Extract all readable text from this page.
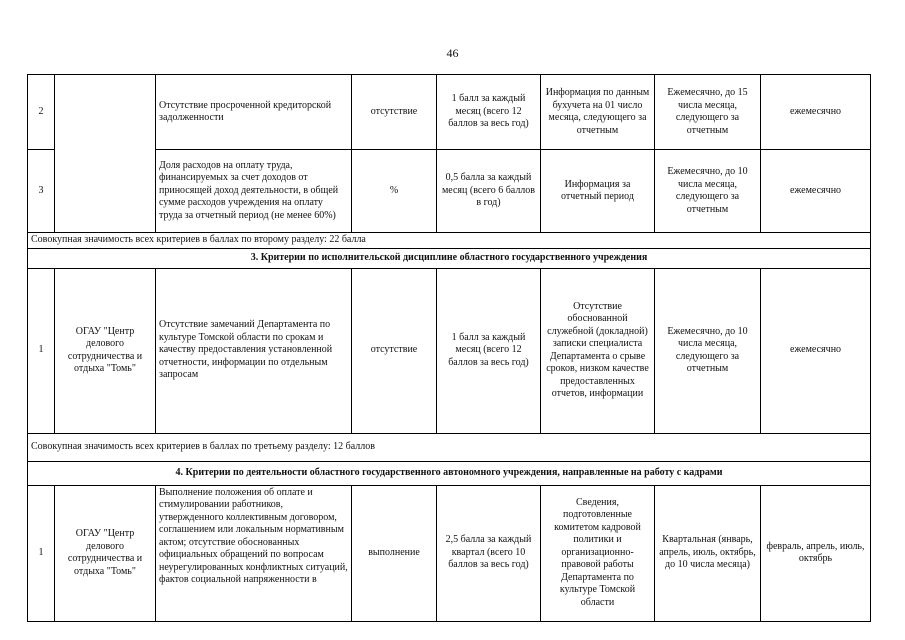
46
2		Отсутствие просроченной кредиторской задолженности	отсутствие	1 балл за каждый месяц (всего 12 баллов за весь год)	Информация по данным бухучета на 01 число месяца, следующего за отчетным	Ежемесячно, до 15 числа месяца, следующего за отчетным	ежемесячно
3		Доля расходов на оплату труда, финансируемых за счет доходов от приносящей доход деятельности, в общей сумме расходов учреждения на оплату труда за отчетный период (не менее 60%)	%	0,5 балла за каждый месяц (всего 6 баллов в год)	Информация за отчетный период	Ежемесячно, до 10 числа месяца, следующего за отчетным	ежемесячно
Совокупная значимость всех критериев в баллах по второму разделу: 22 балла							
3. Критерии по исполнительской дисциплине областного государственного учреждения							
1	ОГАУ "Центр делового сотрудничества и отдыха "Томь"	Отсутствие замечаний Департамента по культуре Томской области по срокам и качеству предоставления установленной отчетности, информации по отдельным запросам	отсутствие	1 балл за каждый месяц (всего 12 баллов за весь год)	Отсутствие обоснованной служебной (докладной) записки специалиста Департамента о срыве сроков, низком качестве предоставленных отчетов, информации	Ежемесячно, до 10 числа месяца, следующего за отчетным	ежемесячно
Совокупная значимость всех критериев в баллах по третьему разделу: 12 баллов							
4. Критерии по деятельности областного государственного автономного учреждения, направленные на работу с кадрами							
1	ОГАУ "Центр делового сотрудничества и отдыха "Томь"	Выполнение положения об оплате и стимулировании работников, утвержденного коллективным договором, соглашением или локальным нормативным актом; отсутствие обоснованных официальных обращений по вопросам неурегулированных конфликтных ситуаций, фактов социальной напряженности в	выполнение	2,5 балла за каждый квартал (всего 10 баллов за весь год)	Сведения, подготовленные комитетом кадровой политики и организационно-правовой работы Департамента по культуре Томской области	Квартальная (январь, апрель, июль, октябрь, до 10 числа месяца)	февраль, апрель, июль, октябрь
